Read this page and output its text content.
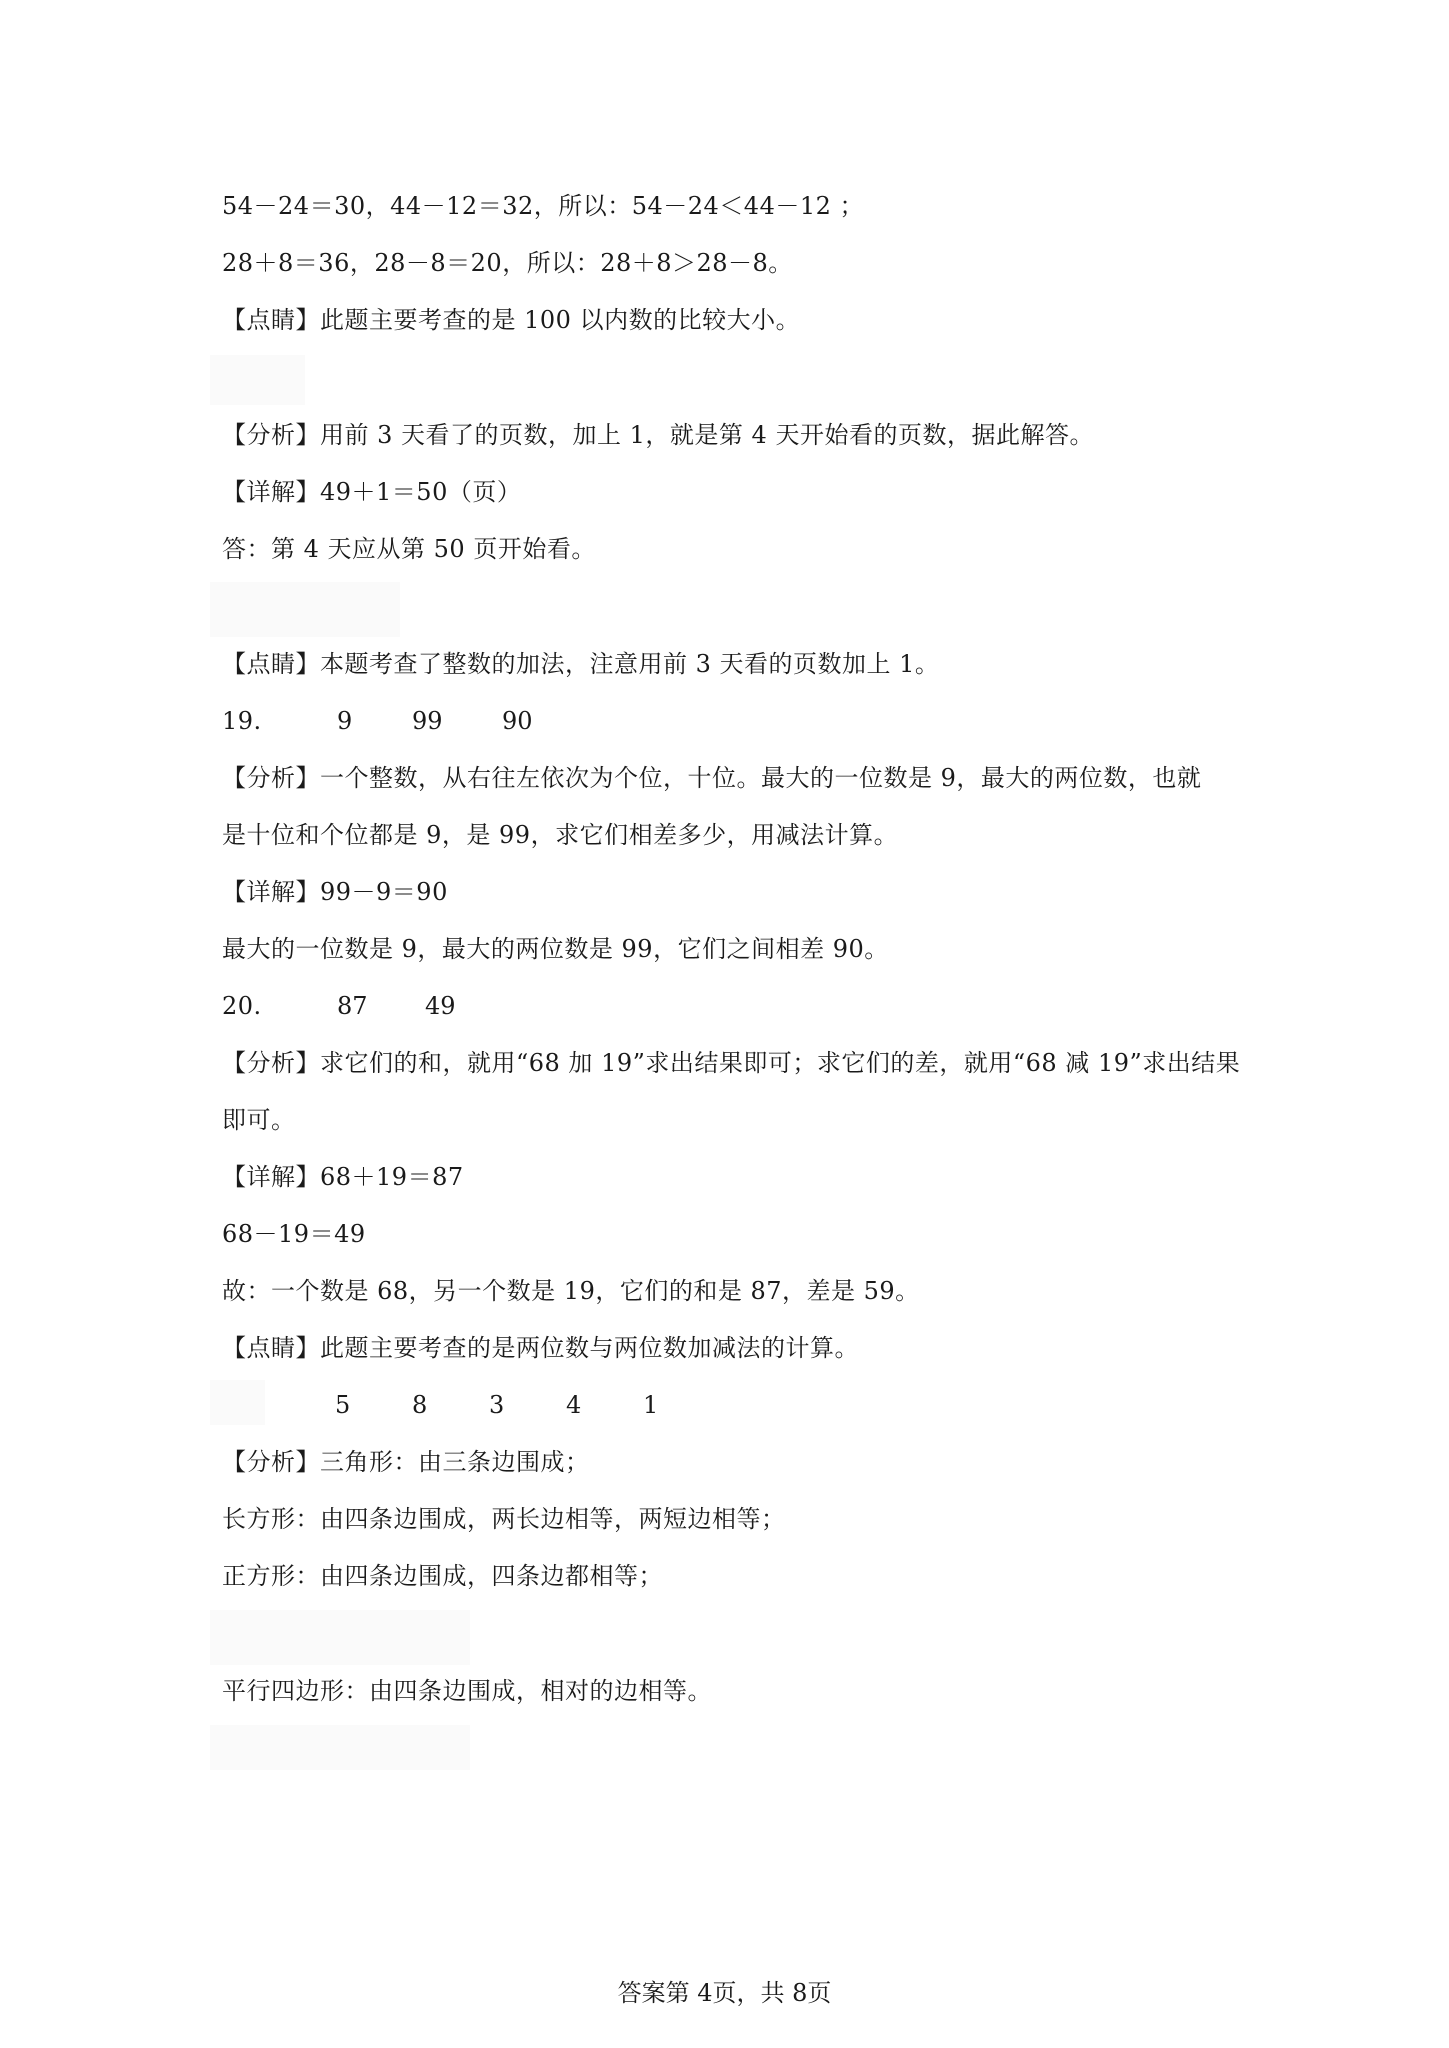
54－24＝30，44－12＝32，所以：54－24＜44－12 ；
28＋8＝36，28－8＝20，所以：28＋8＞28－8。
【点睛】此题主要考查的是 100 以内数的比较大小。
【分析】用前 3 天看了的页数，加上 1，就是第 4 天开始看的页数，据此解答。
【详解】49＋1＝50（页）
答：第 4 天应从第 50 页开始看。
【点睛】本题考查了整数的加法，注意用前 3 天看的页数加上 1。
19.	9 99 90
【分析】一个整数，从右往左依次为个位，十位。最大的一位数是 9，最大的两位数，也就
是十位和个位都是 9，是 99，求它们相差多少，用减法计算。
【详解】99－9＝90
最大的一位数是 9，最大的两位数是 99，它们之间相差 90。
20.	87 49
【分析】求它们的和，就用“68 加 19”求出结果即可；求它们的差，就用“68 减 19”求出结果
即可。
【详解】68＋19＝87
68－19＝49
故：一个数是 68，另一个数是 19，它们的和是 87，差是 59。
【点睛】此题主要考查的是两位数与两位数加减法的计算。
5	8	3	4	1
【分析】三角形：由三条边围成；
长方形：由四条边围成，两长边相等，两短边相等；
正方形：由四条边围成，四条边都相等；
平行四边形：由四条边围成，相对的边相等。
答案第 4页，共 8页
